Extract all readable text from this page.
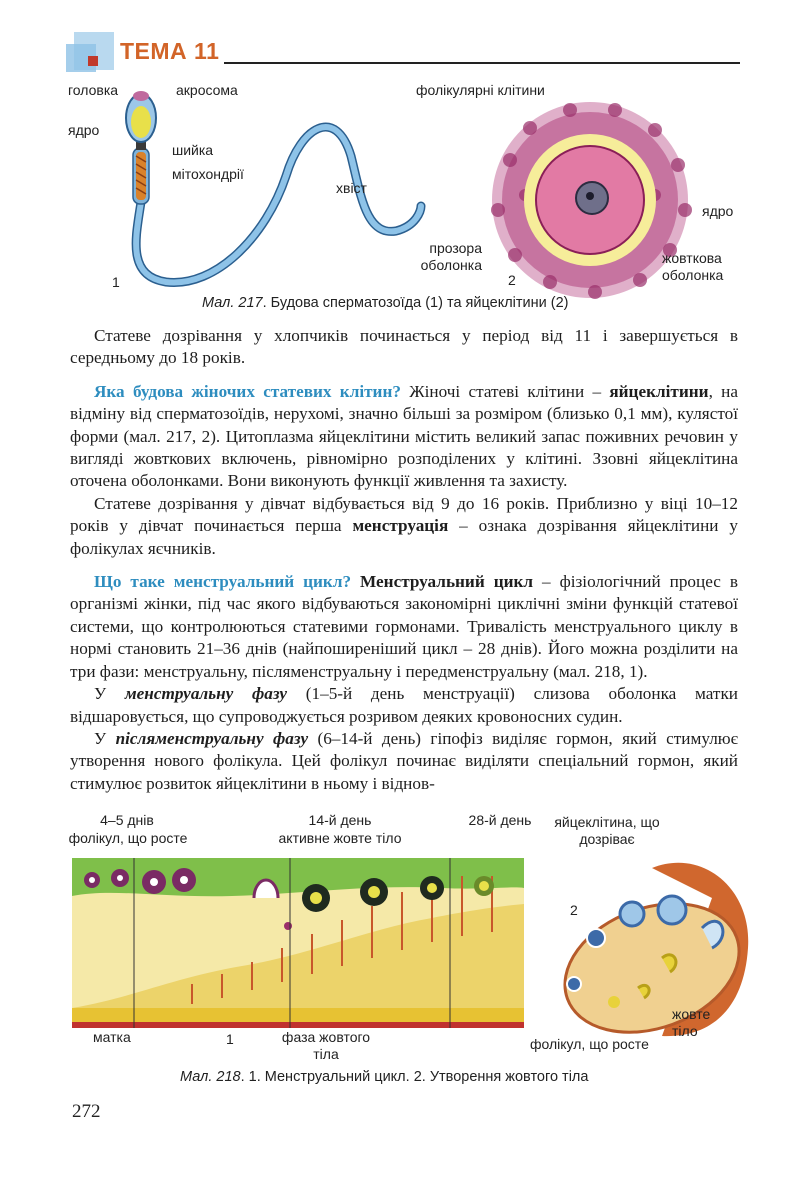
ТЕМА 11
головка	акросома
ядро
шийка
мітохондрії
хвіст
1
фолікулярні клітини
ядро
прозора оболонка
2
жовткова оболонка
Мал. 217. Будова сперматозоїда (1) та яйцеклітини (2)

Статеве дозрівання у хлопчиків починається у період від 11 і завершується в середньому до 18 років.

Яка будова жіночих статевих клітин? Жіночі статеві клітини – яйцеклітини, на відміну від сперматозоїдів, нерухомі, значно більші за розміром (близько 0,1 мм), кулястої форми (мал. 217, 2). Цитоплазма яйцеклітини містить великий запас поживних речовин у вигляді жовткових включень, рівномірно розподілених у клітині. Ззовні яйцеклітина оточена оболонками. Вони виконують функції живлення та захисту.

Статеве дозрівання у дівчат відбувається від 9 до 16 років. Приблизно у віці 10–12 років у дівчат починається перша менструація – ознака дозрівання яйцеклітини у фолікулах яєчників.

Що таке менструальний цикл? Менструальний цикл – фізіологічний процес в організмі жінки, під час якого відбуваються закономірні циклічні зміни функцій статевої системи, що контролюються статевими гормонами. Тривалість менструального циклу в нормі становить 21–36 днів (найпоширеніший цикл – 28 днів). Його можна розділити на три фази: менструальну, післяменструальну і передменструальну (мал. 218, 1).

У менструальну фазу (1–5-й день менструації) слизова оболонка матки відшаровується, що супроводжується розривом деяких кровоносних судин.

У післяменструальну фазу (6–14-й день) гіпофіз виділяє гормон, який стимулює утворення нового фолікула. Цей фолікул починає виділяти спеціальний гормон, який стимулює розвиток яйцеклітини в ньому і віднов-

4–5 днів
фолікул, що росте
14-й день
активне жовте тіло
28-й день	яйцеклітина, що дозріває
2
матка	1	фаза жовтого тіла
жовте тіло
фолікул, що росте
Мал. 218. 1. Менструальний цикл. 2. Утворення жовтого тіла
272
